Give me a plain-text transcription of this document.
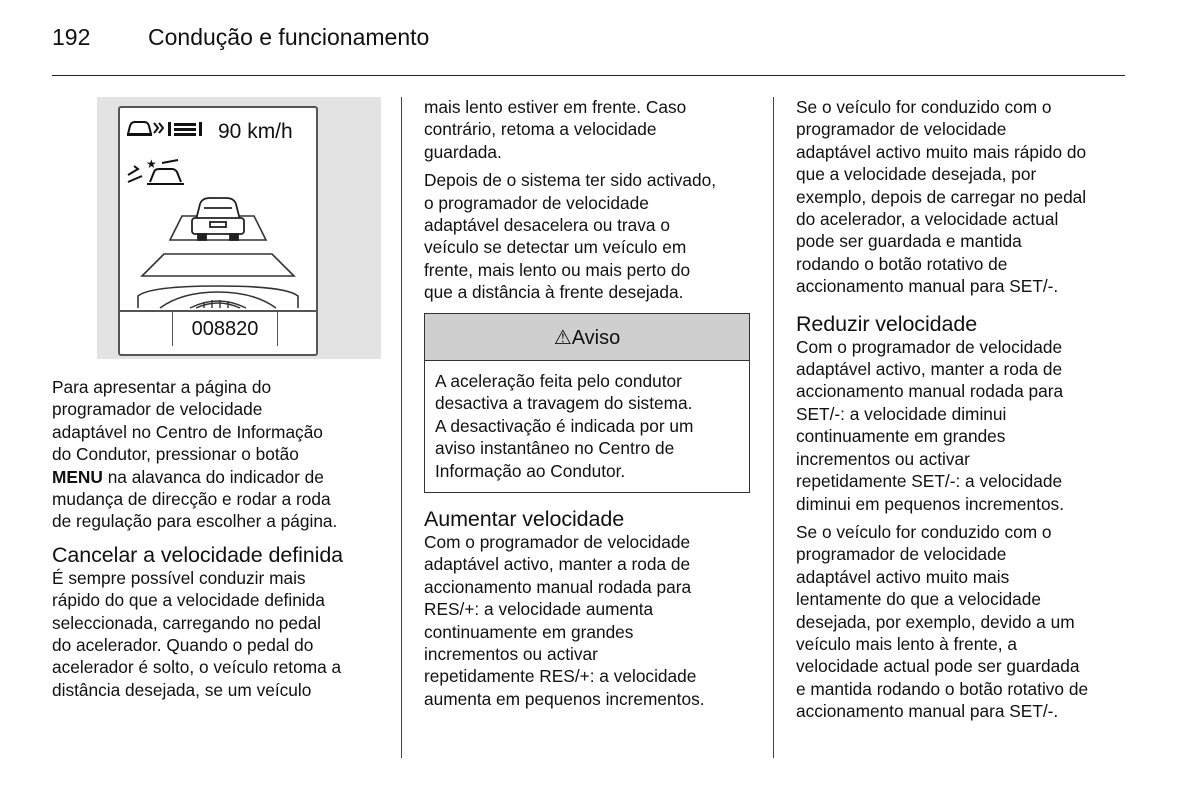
192	Condução e funcionamento
★
90 km/h
008820

Para apresentar a página do
programador de velocidade
adaptável no Centro de Informação
do Condutor, pressionar o botão
MENU na alavanca do indicador de
mudança de direcção e rodar a roda
de regulação para escolher a página.

Cancelar a velocidade definida

É sempre possível conduzir mais
rápido do que a velocidade definida
seleccionada, carregando no pedal
do acelerador. Quando o pedal do
acelerador é solto, o veículo retoma a
distância desejada, se um veículo

mais lento estiver em frente. Caso
contrário, retoma a velocidade
guardada.

Depois de o sistema ter sido activado,
o programador de velocidade
adaptável desacelera ou trava o
veículo se detectar um veículo em
frente, mais lento ou mais perto do
que a distância à frente desejada.

⚠Aviso
A aceleração feita pelo condutor
desactiva a travagem do sistema.
A desactivação é indicada por um
aviso instantâneo no Centro de
Informação ao Condutor.
Aumentar velocidade

Com o programador de velocidade
adaptável activo, manter a roda de
accionamento manual rodada para
RES/+: a velocidade aumenta
continuamente em grandes
incrementos ou activar
repetidamente RES/+: a velocidade
aumenta em pequenos incrementos.

Se o veículo for conduzido com o
programador de velocidade
adaptável activo muito mais rápido do
que a velocidade desejada, por
exemplo, depois de carregar no pedal
do acelerador, a velocidade actual
pode ser guardada e mantida
rodando o botão rotativo de
accionamento manual para SET/-.

Reduzir velocidade

Com o programador de velocidade
adaptável activo, manter a roda de
accionamento manual rodada para
SET/-: a velocidade diminui
continuamente em grandes
incrementos ou activar
repetidamente SET/-: a velocidade
diminui em pequenos incrementos.

Se o veículo for conduzido com o
programador de velocidade
adaptável activo muito mais
lentamente do que a velocidade
desejada, por exemplo, devido a um
veículo mais lento à frente, a
velocidade actual pode ser guardada
e mantida rodando o botão rotativo de
accionamento manual para SET/-.
